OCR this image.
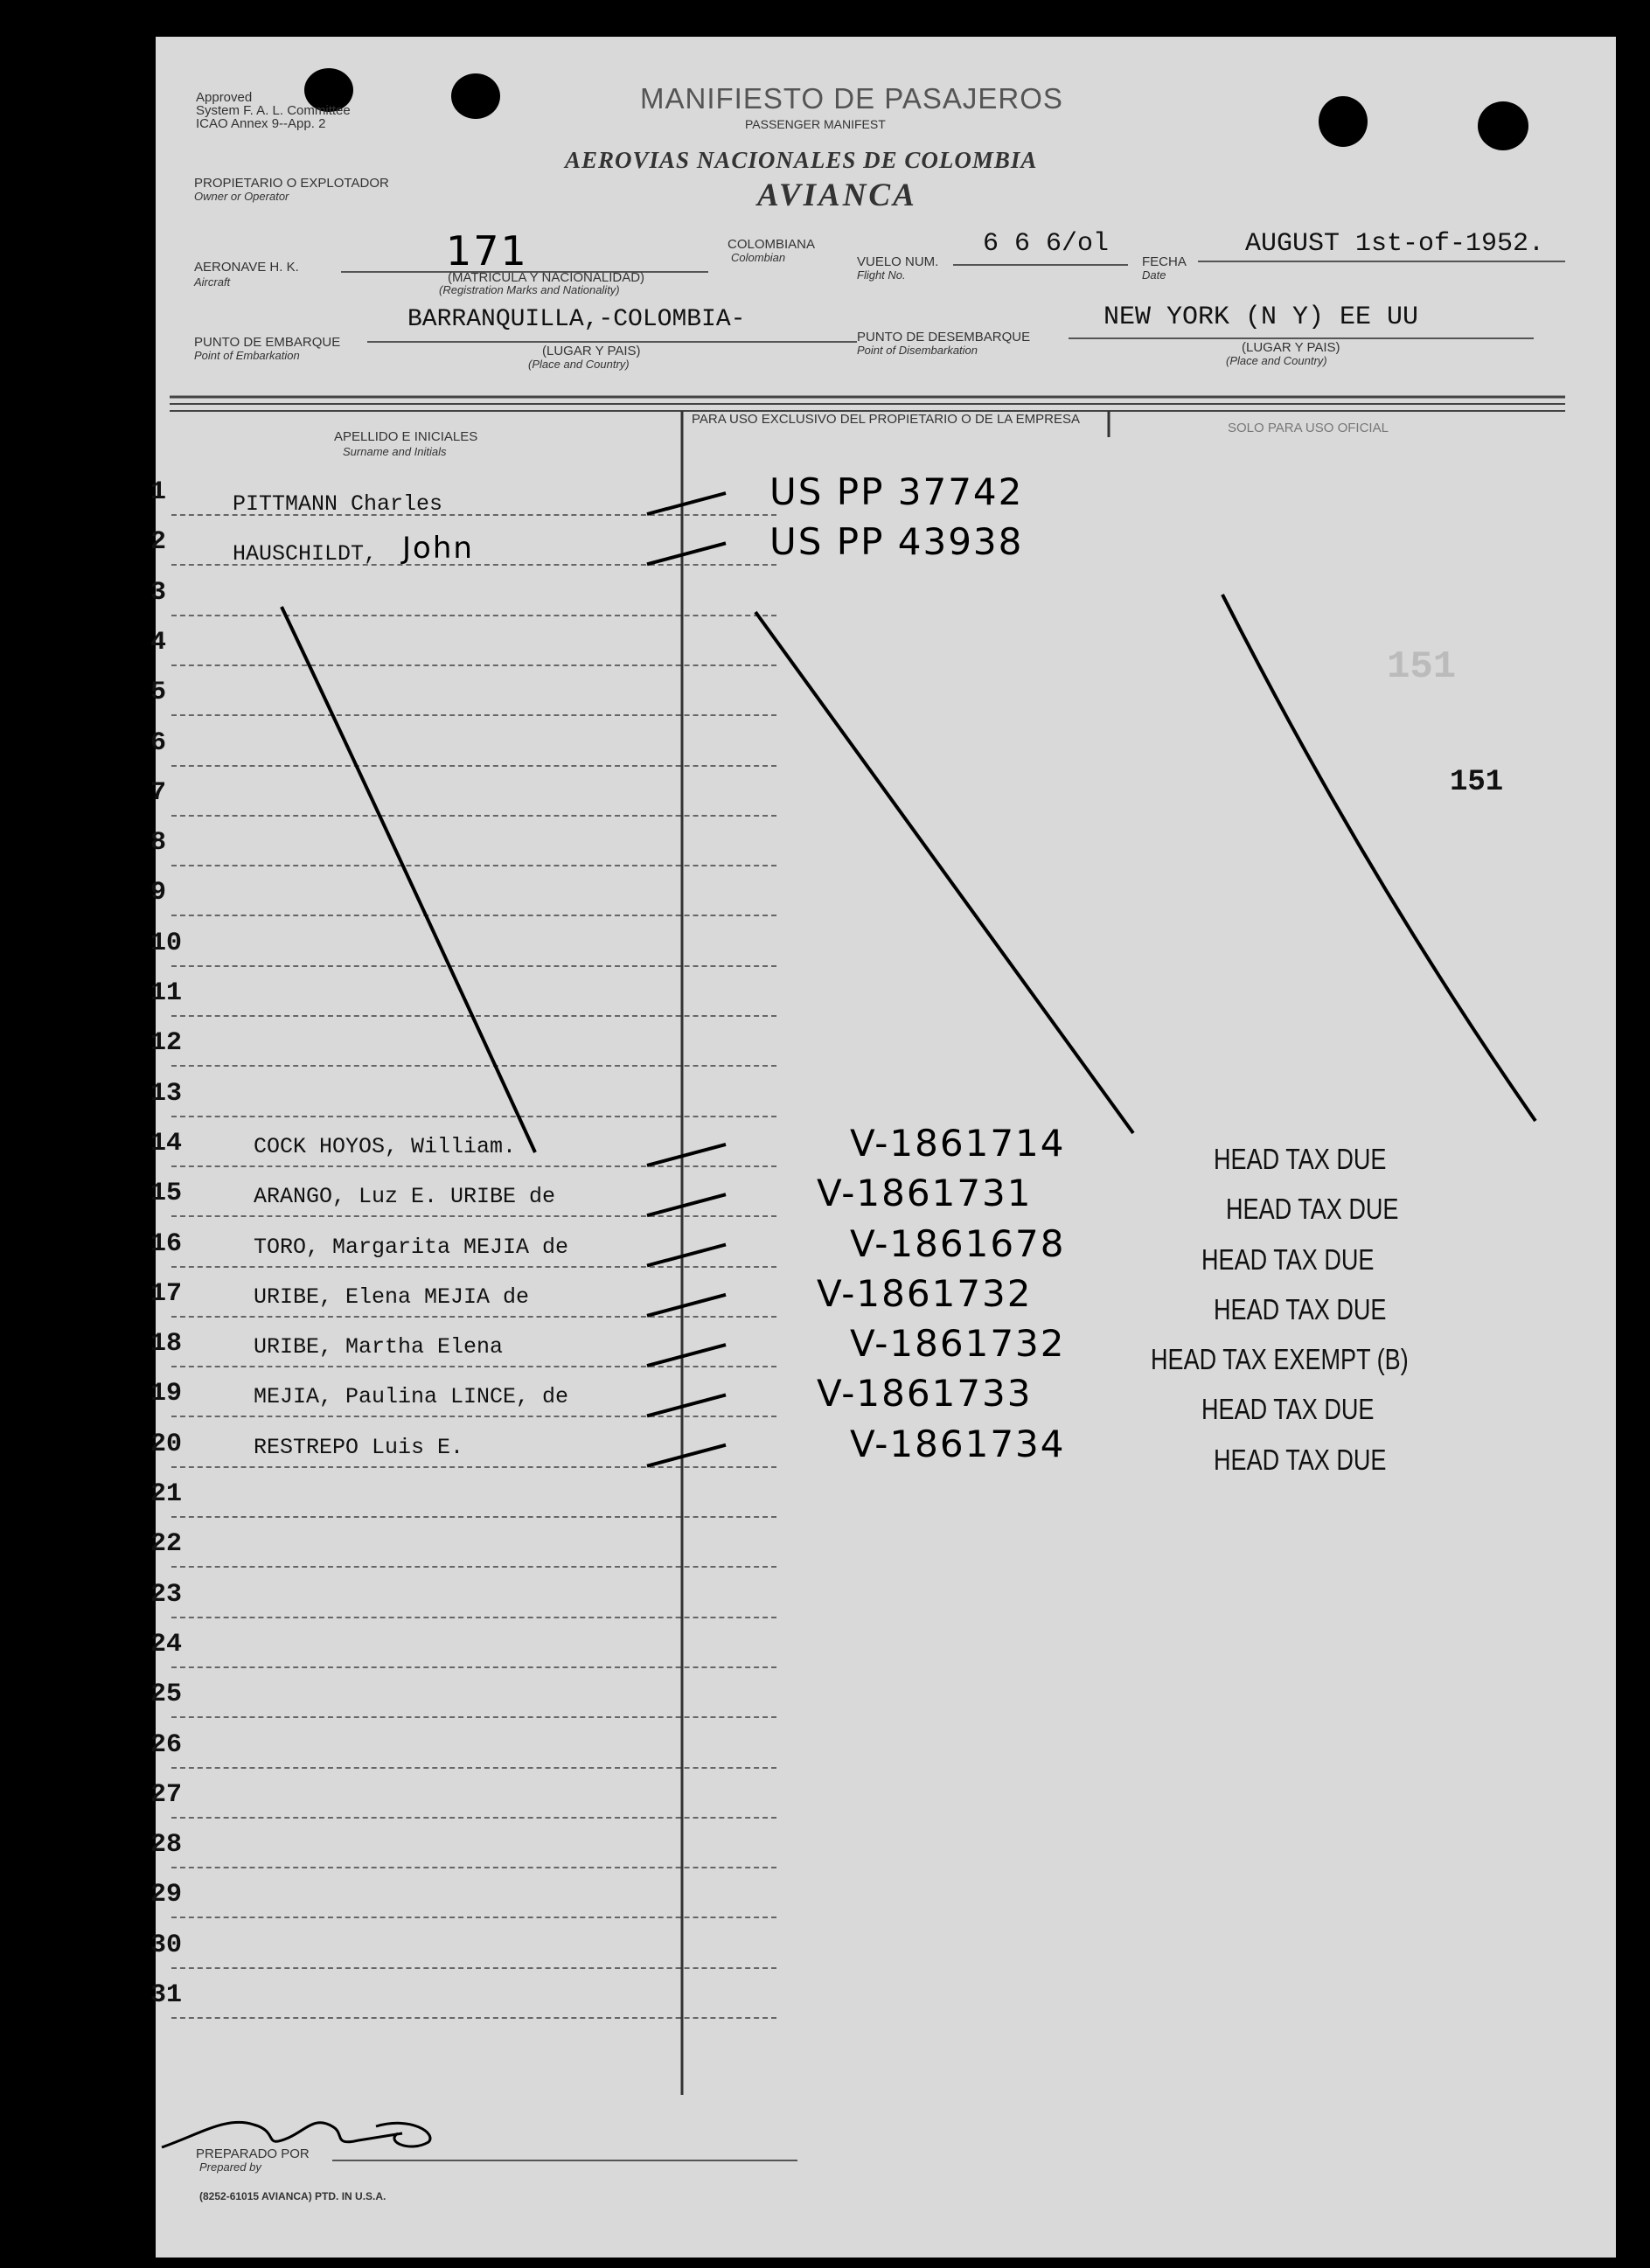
Approved
System F. A. L. Committee
ICAO Annex 9--App. 2
MANIFIESTO DE PASAJEROS
PASSENGER MANIFEST
AEROVIAS NACIONALES DE COLOMBIA
AVIANCA
PROPIETARIO O EXPLOTADOR
Owner or Operator
AERONAVE H. K.
Aircraft
171
(MATRICULA Y NACIONALIDAD)
(Registration Marks and Nationality)
COLOMBIANA
Colombian	VUELO NUM.
Flight No.
6 6 6/ol
FECHA
Date
AUGUST 1st-of-1952.
PUNTO DE EMBARQUE
Point of Embarkation
BARRANQUILLA,-COLOMBIA-
(LUGAR Y PAIS)
(Place and Country)
PUNTO DE DESEMBARQUE
Point of Disembarkation
NEW YORK (N Y) EE UU
(LUGAR Y PAIS)
(Place and Country)
APELLIDO E INICIALES
Surname and Initials
PARA USO EXCLUSIVO DEL PROPIETARIO O DE LA EMPRESA
SOLO PARA USO OFICIAL
151
151
1	PITTMANN Charles	US PP 37742
2	HAUSCHILDT, John	US PP 43938
3
4
5
6
7
8
9
10
11
12
13
14	COCK HOYOS, William.	V-1861714	HEAD TAX DUE
15	ARANGO, Luz E. URIBE de	V-1861731	HEAD TAX DUE
16	TORO, Margarita MEJIA de	V-1861678	HEAD TAX DUE
17	URIBE, Elena MEJIA de	V-1861732	HEAD TAX DUE
18	URIBE, Martha Elena	V-1861732	HEAD TAX EXEMPT (B)
19	MEJIA, Paulina LINCE, de	V-1861733	HEAD TAX DUE
20	RESTREPO Luis E.	V-1861734	HEAD TAX DUE
21
22
23
24
25
26
27
28
29
30
31
PREPARADO POR
Prepared by
(8252-61015 AVIANCA) PTD. IN U.S.A.
